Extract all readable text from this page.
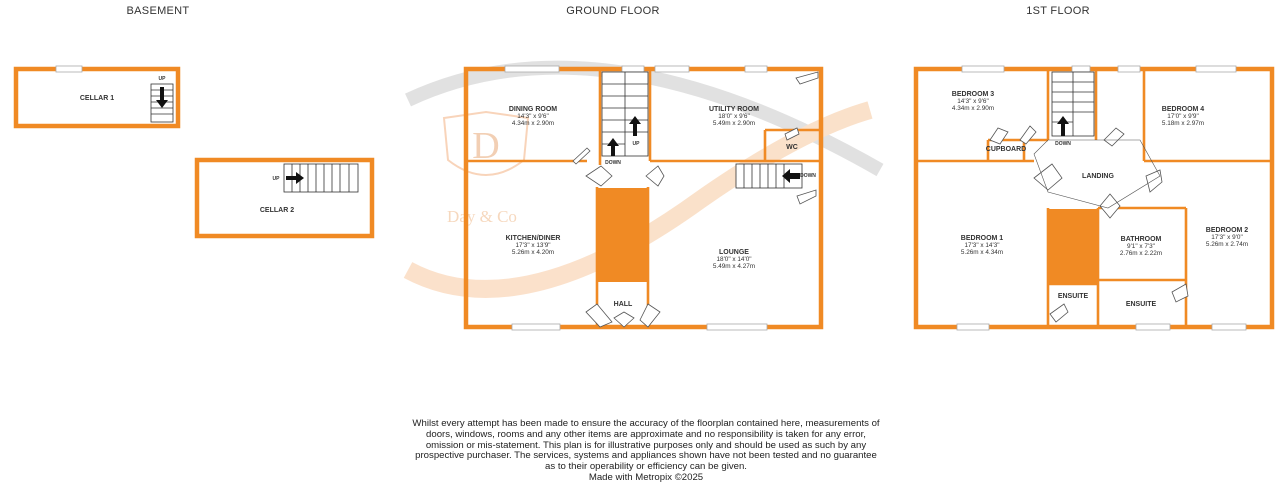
D
Day & Co
BASEMENT	GROUND FLOOR	1ST FLOOR
UP
CELLAR 1
UP
CELLAR 2
DOWN
UP
DOWN
DINING ROOM
14'3" x 9'6"
4.34m x 2.90m
UTILITY ROOM
18'0" x 9'6"
5.49m x 2.90m
WC
KITCHEN/DINER
17'3" x 13'9"
5.26m x 4.20m	LOUNGE
18'0" x 14'0"
5.49m x 4.27m
HALL
DOWN
BEDROOM 3
14'3" x 9'6"
4.34m x 2.90m	BEDROOM 4
17'0" x 9'9"
5.18m x 2.97m
CUPBOARD
LANDING
BEDROOM 1
17'3" x 14'3"
5.26m x 4.34m
BATHROOM
9'1" x 7'3"
2.76m x 2.22m
BEDROOM 2
17'3" x 9'0"
5.26m x 2.74m
ENSUITE
ENSUITE

Whilst every attempt has been made to ensure the accuracy of the floorplan contained here, measurements of doors, windows, rooms and any other items are approximate and no responsibility is taken for any error, omission or mis-statement. This plan is for illustrative purposes only and should be used as such by any prospective purchaser. The services, systems and appliances shown have not been tested and no guarantee as to their operability or efficiency can be given.

Made with Metropix ©2025
